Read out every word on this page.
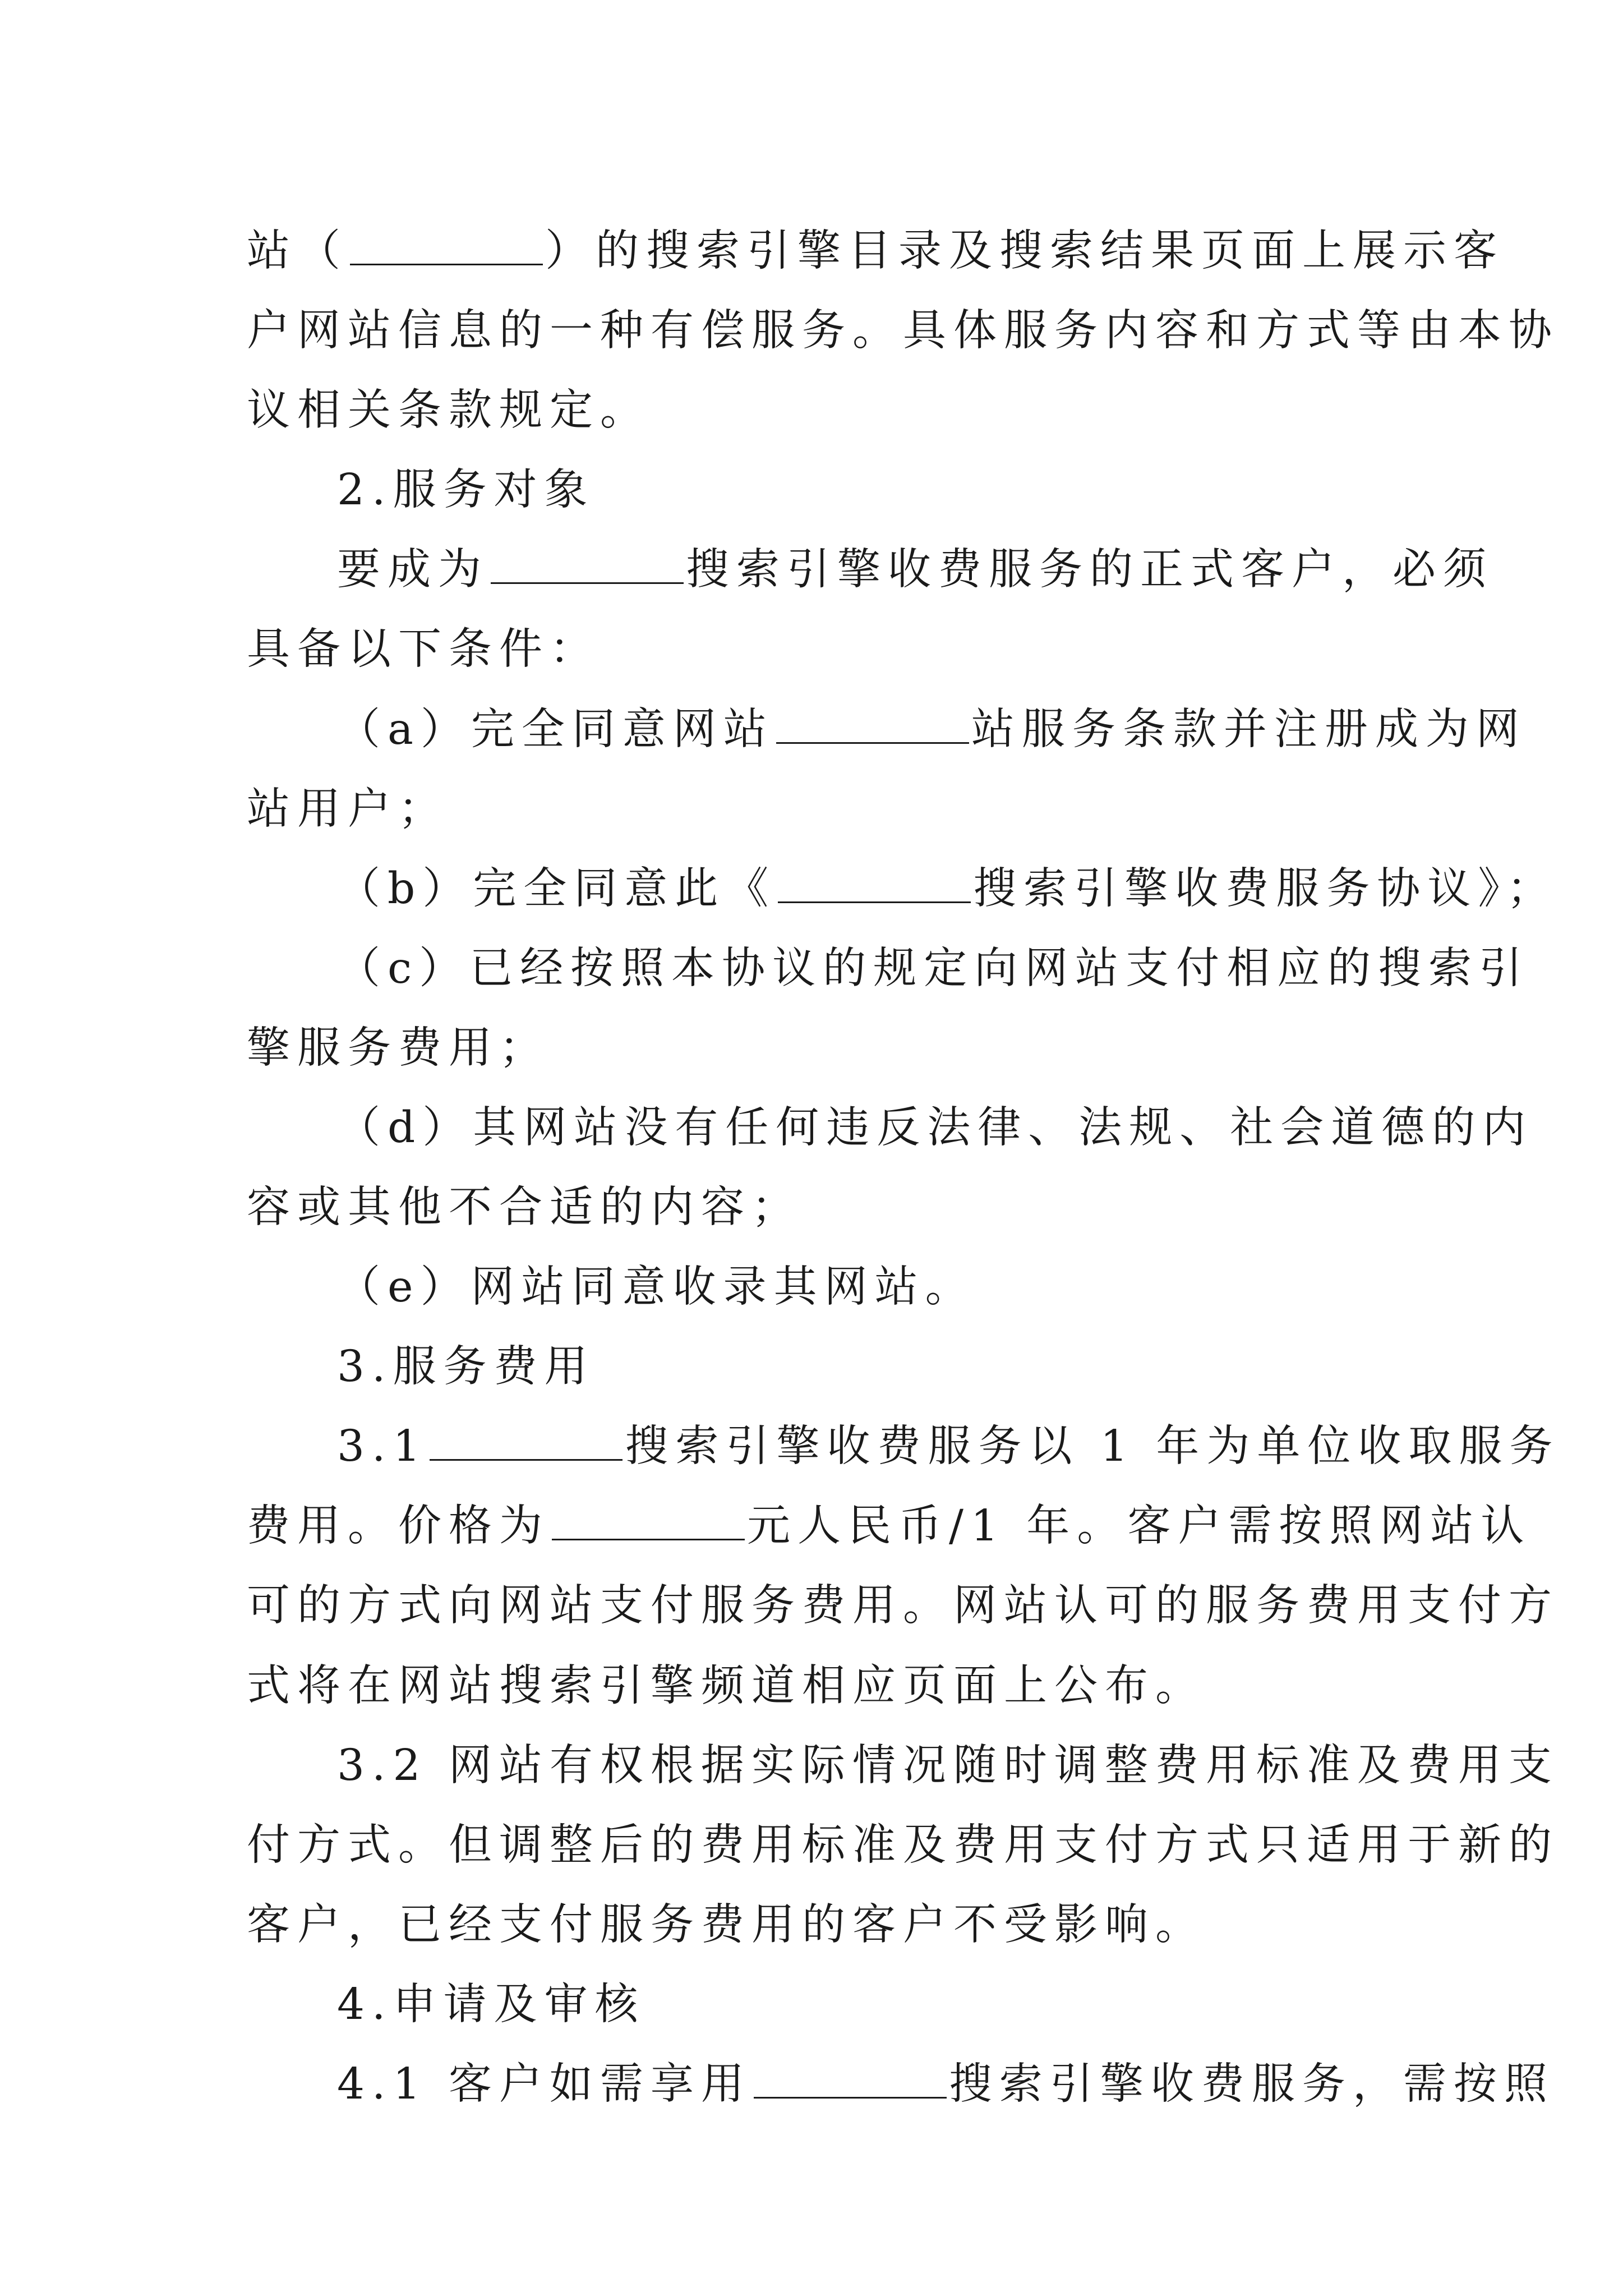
站（	）的搜索引擎目录及搜索结果页面上展示客
户网站信息的一种有偿服务。具体服务内容和方式等由本协
议相关条款规定。
2.服务对象
要成为	搜索引擎收费服务的正式客户，必须
具备以下条件：
（a）完全同意网站	站服务条款并注册成为网
站用户；
（b）完全同意此《	搜索引擎收费服务协议》；
（c）已经按照本协议的规定向网站支付相应的搜索引
擎服务费用；
（d）其网站没有任何违反法律、法规、社会道德的内
容或其他不合适的内容；
（e）网站同意收录其网站。
3.服务费用
3.1	搜索引擎收费服务以 1 年为单位收取服务
费用。价格为	元人民币/1 年。客户需按照网站认
可的方式向网站支付服务费用。网站认可的服务费用支付方
式将在网站搜索引擎频道相应页面上公布。
3.2 网站有权根据实际情况随时调整费用标准及费用支
付方式。但调整后的费用标准及费用支付方式只适用于新的
客户，已经支付服务费用的客户不受影响。
4.申请及审核
4.1 客户如需享用	搜索引擎收费服务，需按照
